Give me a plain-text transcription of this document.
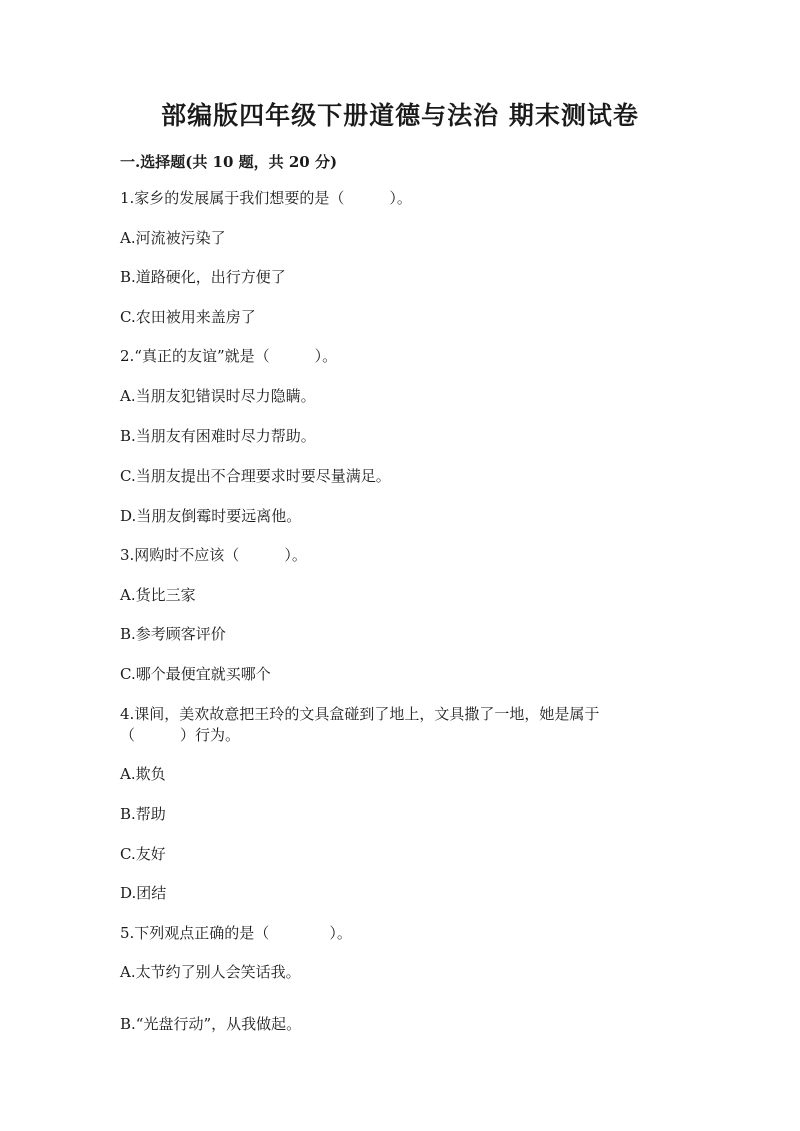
部编版四年级下册道德与法治 期末测试卷
一.选择题(共 10 题，共 20 分)
1.家乡的发展属于我们想要的是（　　　）。
A.河流被污染了
B.道路硬化，出行方便了
C.农田被用来盖房了
2.“真正的友谊”就是（　　　）。
A.当朋友犯错误时尽力隐瞒。
B.当朋友有困难时尽力帮助。
C.当朋友提出不合理要求时要尽量满足。
D.当朋友倒霉时要远离他。
3.网购时不应该（　　　）。
A.货比三家
B.参考顾客评价
C.哪个最便宜就买哪个
4.课间，美欢故意把王玲的文具盒碰到了地上，文具撒了一地，她是属于
（　　　）行为。
A.欺负
B.帮助
C.友好
D.团结
5.下列观点正确的是（　　　　）。
A.太节约了别人会笑话我。
B.“光盘行动”，从我做起。
